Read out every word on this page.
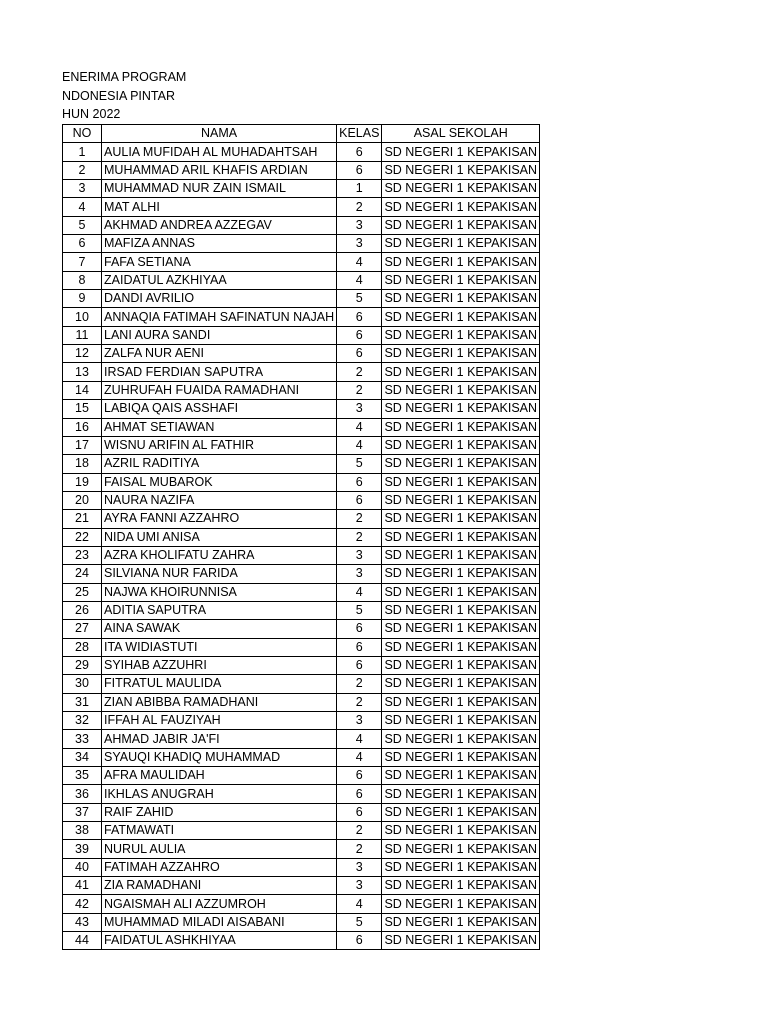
ENERIMA PROGRAM
NDONESIA PINTAR
HUN 2022
NO	NAMA	KELAS	ASAL SEKOLAH
1	AULIA MUFIDAH AL MUHADAHTSAH	6	SD NEGERI 1 KEPAKISAN
2	MUHAMMAD ARIL KHAFIS ARDIAN	6	SD NEGERI 1 KEPAKISAN
3	MUHAMMAD NUR ZAIN ISMAIL	1	SD NEGERI 1 KEPAKISAN
4	MAT ALHI	2	SD NEGERI 1 KEPAKISAN
5	AKHMAD ANDREA AZZEGAV	3	SD NEGERI 1 KEPAKISAN
6	MAFIZA ANNAS	3	SD NEGERI 1 KEPAKISAN
7	FAFA SETIANA	4	SD NEGERI 1 KEPAKISAN
8	ZAIDATUL AZKHIYAA	4	SD NEGERI 1 KEPAKISAN
9	DANDI AVRILIO	5	SD NEGERI 1 KEPAKISAN
10	ANNAQIA FATIMAH SAFINATUN NAJAH	6	SD NEGERI 1 KEPAKISAN
11	LANI AURA SANDI	6	SD NEGERI 1 KEPAKISAN
12	ZALFA NUR AENI	6	SD NEGERI 1 KEPAKISAN
13	IRSAD FERDIAN SAPUTRA	2	SD NEGERI 1 KEPAKISAN
14	ZUHRUFAH FUAIDA RAMADHANI	2	SD NEGERI 1 KEPAKISAN
15	LABIQA QAIS ASSHAFI	3	SD NEGERI 1 KEPAKISAN
16	AHMAT SETIAWAN	4	SD NEGERI 1 KEPAKISAN
17	WISNU ARIFIN AL FATHIR	4	SD NEGERI 1 KEPAKISAN
18	AZRIL RADITIYA	5	SD NEGERI 1 KEPAKISAN
19	FAISAL MUBAROK	6	SD NEGERI 1 KEPAKISAN
20	NAURA NAZIFA	6	SD NEGERI 1 KEPAKISAN
21	AYRA FANNI AZZAHRO	2	SD NEGERI 1 KEPAKISAN
22	NIDA UMI ANISA	2	SD NEGERI 1 KEPAKISAN
23	AZRA KHOLIFATU ZAHRA	3	SD NEGERI 1 KEPAKISAN
24	SILVIANA NUR FARIDA	3	SD NEGERI 1 KEPAKISAN
25	NAJWA KHOIRUNNISA	4	SD NEGERI 1 KEPAKISAN
26	ADITIA SAPUTRA	5	SD NEGERI 1 KEPAKISAN
27	AINA SAWAK	6	SD NEGERI 1 KEPAKISAN
28	ITA WIDIASTUTI	6	SD NEGERI 1 KEPAKISAN
29	SYIHAB AZZUHRI	6	SD NEGERI 1 KEPAKISAN
30	FITRATUL MAULIDA	2	SD NEGERI 1 KEPAKISAN
31	ZIAN ABIBBA RAMADHANI	2	SD NEGERI 1 KEPAKISAN
32	IFFAH AL FAUZIYAH	3	SD NEGERI 1 KEPAKISAN
33	AHMAD JABIR JA'FI	4	SD NEGERI 1 KEPAKISAN
34	SYAUQI KHADIQ MUHAMMAD	4	SD NEGERI 1 KEPAKISAN
35	AFRA MAULIDAH	6	SD NEGERI 1 KEPAKISAN
36	IKHLAS ANUGRAH	6	SD NEGERI 1 KEPAKISAN
37	RAIF ZAHID	6	SD NEGERI 1 KEPAKISAN
38	FATMAWATI	2	SD NEGERI 1 KEPAKISAN
39	NURUL AULIA	2	SD NEGERI 1 KEPAKISAN
40	FATIMAH AZZAHRO	3	SD NEGERI 1 KEPAKISAN
41	ZIA RAMADHANI	3	SD NEGERI 1 KEPAKISAN
42	NGAISMAH ALI AZZUMROH	4	SD NEGERI 1 KEPAKISAN
43	MUHAMMAD MILADI AISABANI	5	SD NEGERI 1 KEPAKISAN
44	FAIDATUL ASHKHIYAA	6	SD NEGERI 1 KEPAKISAN
